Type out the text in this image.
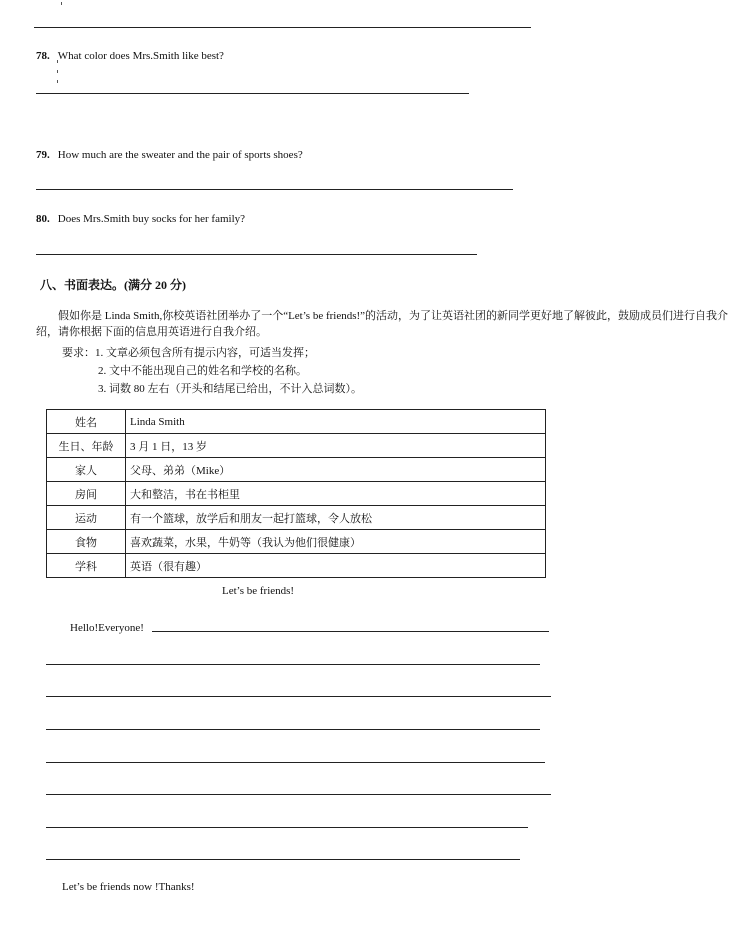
78. What color does Mrs.Smith like best?
79. How much are the sweater and the pair of sports shoes?
80. Does Mrs.Smith buy socks for her family?
八、书面表达。(满分 20 分)
假如你是 Linda Smith,你校英语社团举办了一个“Let’s be friends!”的活动，为了让英语社团的新同学更好地了解彼此，鼓励成员们进行自我介绍，请你根据下面的信息用英语进行自我介绍。
要求：1. 文章必须包含所有提示内容，可适当发挥；
2. 文中不能出现自己的姓名和学校的名称。
3. 词数 80 左右（开头和结尾已给出，不计入总词数）。
姓名	Linda Smith
生日、年龄	3 月 1 日，13 岁
家人	父母、弟弟（Mike）
房间	大和整洁，书在书柜里
运动	有一个篮球，放学后和朋友一起打篮球，令人放松
食物	喜欢蔬菜，水果，牛奶等（我认为他们很健康）
学科	英语（很有趣）
Let’s be friends!
Hello!Everyone!
Let’s be friends now !Thanks!
